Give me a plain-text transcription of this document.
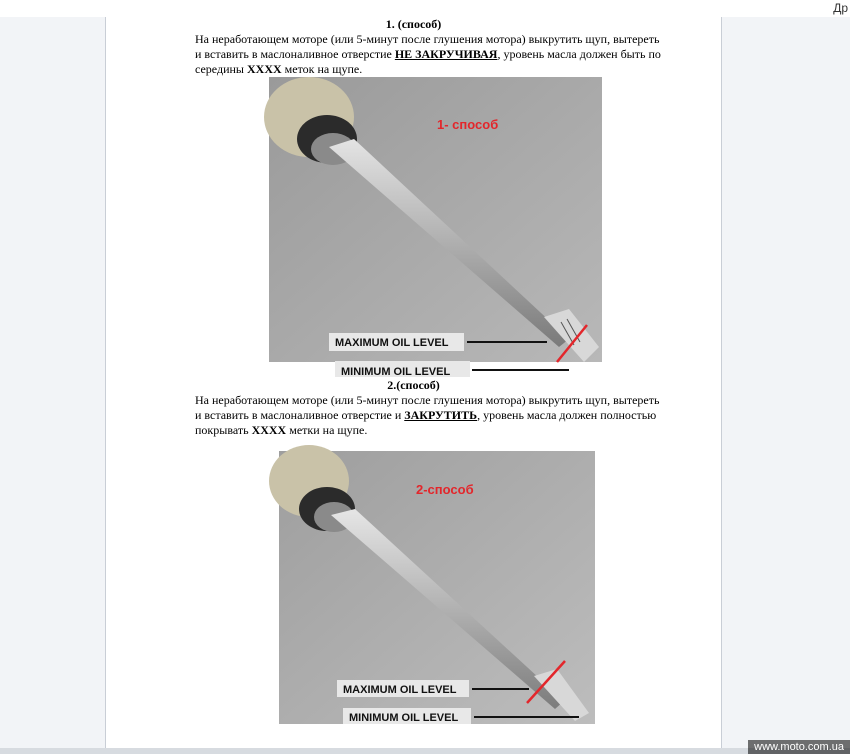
Др
1. (способ)
На неработающем моторе (или 5-минут после глушения мотора) выкрутить щуп, вытереть
и вставить в маслоналивное отверстие НЕ ЗАКРУЧИВАЯ, уровень масла должен быть по
середины XXXX меток на щупе.
MAXIMUM OIL LEVEL
MINIMUM OIL LEVEL
1- способ
2.(способ)
На неработающем моторе (или 5-минут после глушения мотора) выкрутить щуп, вытереть
и вставить в маслоналивное отверстие и ЗАКРУТИТЬ, уровень масла должен полностью
покрывать XXXX метки на щупе.
MAXIMUM OIL LEVEL
MINIMUM OIL LEVEL
2-способ
www.moto.com.ua
